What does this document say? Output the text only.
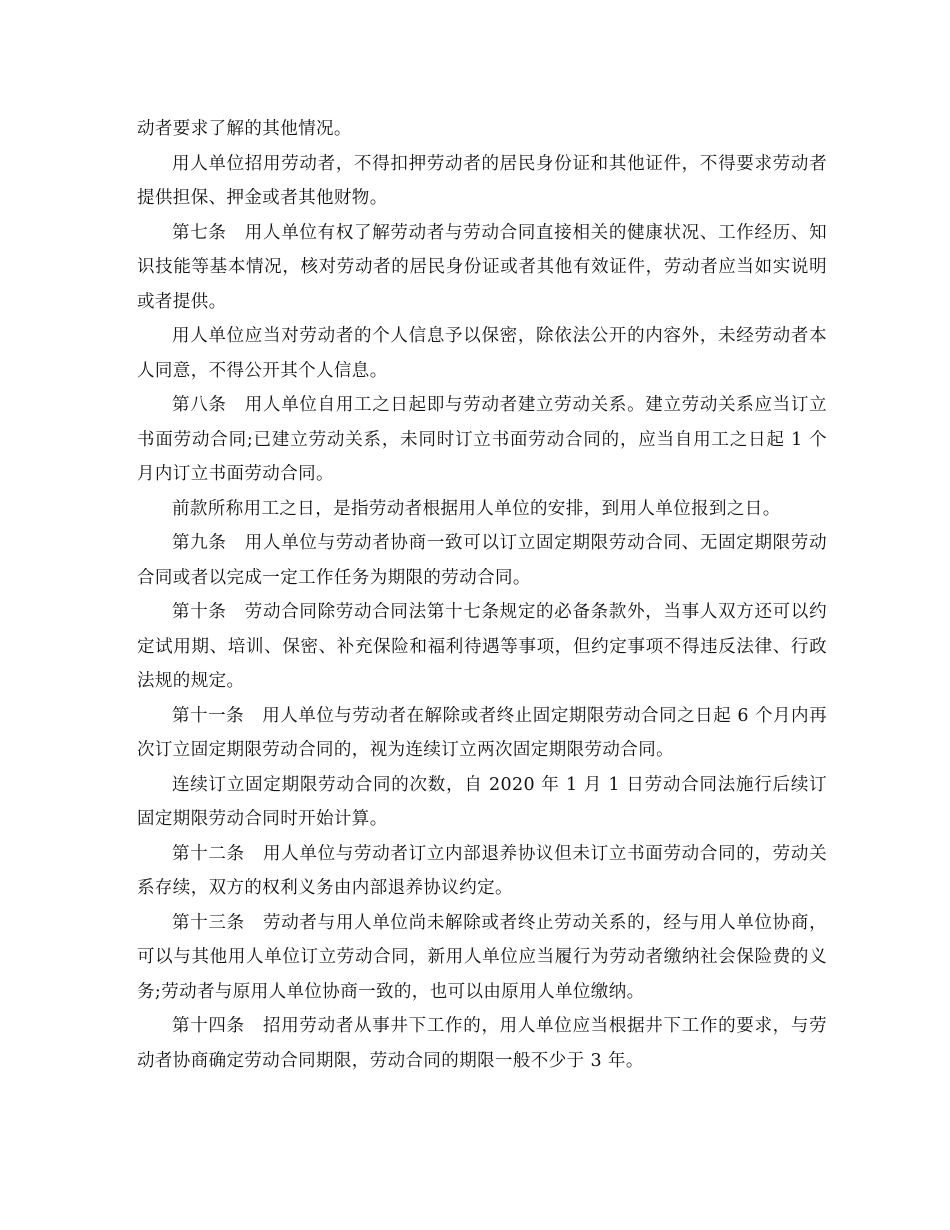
动者要求了解的其他情况。

用人单位招用劳动者，不得扣押劳动者的居民身份证和其他证件，不得要求劳动者提供担保、押金或者其他财物。

第七条　用人单位有权了解劳动者与劳动合同直接相关的健康状况、工作经历、知识技能等基本情况，核对劳动者的居民身份证或者其他有效证件，劳动者应当如实说明或者提供。

用人单位应当对劳动者的个人信息予以保密，除依法公开的内容外，未经劳动者本人同意，不得公开其个人信息。

第八条　用人单位自用工之日起即与劳动者建立劳动关系。建立劳动关系应当订立书面劳动合同;已建立劳动关系，未同时订立书面劳动合同的，应当自用工之日起 1 个月内订立书面劳动合同。

前款所称用工之日，是指劳动者根据用人单位的安排，到用人单位报到之日。

第九条　用人单位与劳动者协商一致可以订立固定期限劳动合同、无固定期限劳动合同或者以完成一定工作任务为期限的劳动合同。

第十条　劳动合同除劳动合同法第十七条规定的必备条款外，当事人双方还可以约定试用期、培训、保密、补充保险和福利待遇等事项，但约定事项不得违反法律、行政法规的规定。

第十一条　用人单位与劳动者在解除或者终止固定期限劳动合同之日起 6 个月内再次订立固定期限劳动合同的，视为连续订立两次固定期限劳动合同。

连续订立固定期限劳动合同的次数，自 2020 年 1 月 1 日劳动合同法施行后续订固定期限劳动合同时开始计算。

第十二条　用人单位与劳动者订立内部退养协议但未订立书面劳动合同的，劳动关系存续，双方的权利义务由内部退养协议约定。

第十三条　劳动者与用人单位尚未解除或者终止劳动关系的，经与用人单位协商，可以与其他用人单位订立劳动合同，新用人单位应当履行为劳动者缴纳社会保险费的义务;劳动者与原用人单位协商一致的，也可以由原用人单位缴纳。

第十四条　招用劳动者从事井下工作的，用人单位应当根据井下工作的要求，与劳动者协商确定劳动合同期限，劳动合同的期限一般不少于 3 年。
